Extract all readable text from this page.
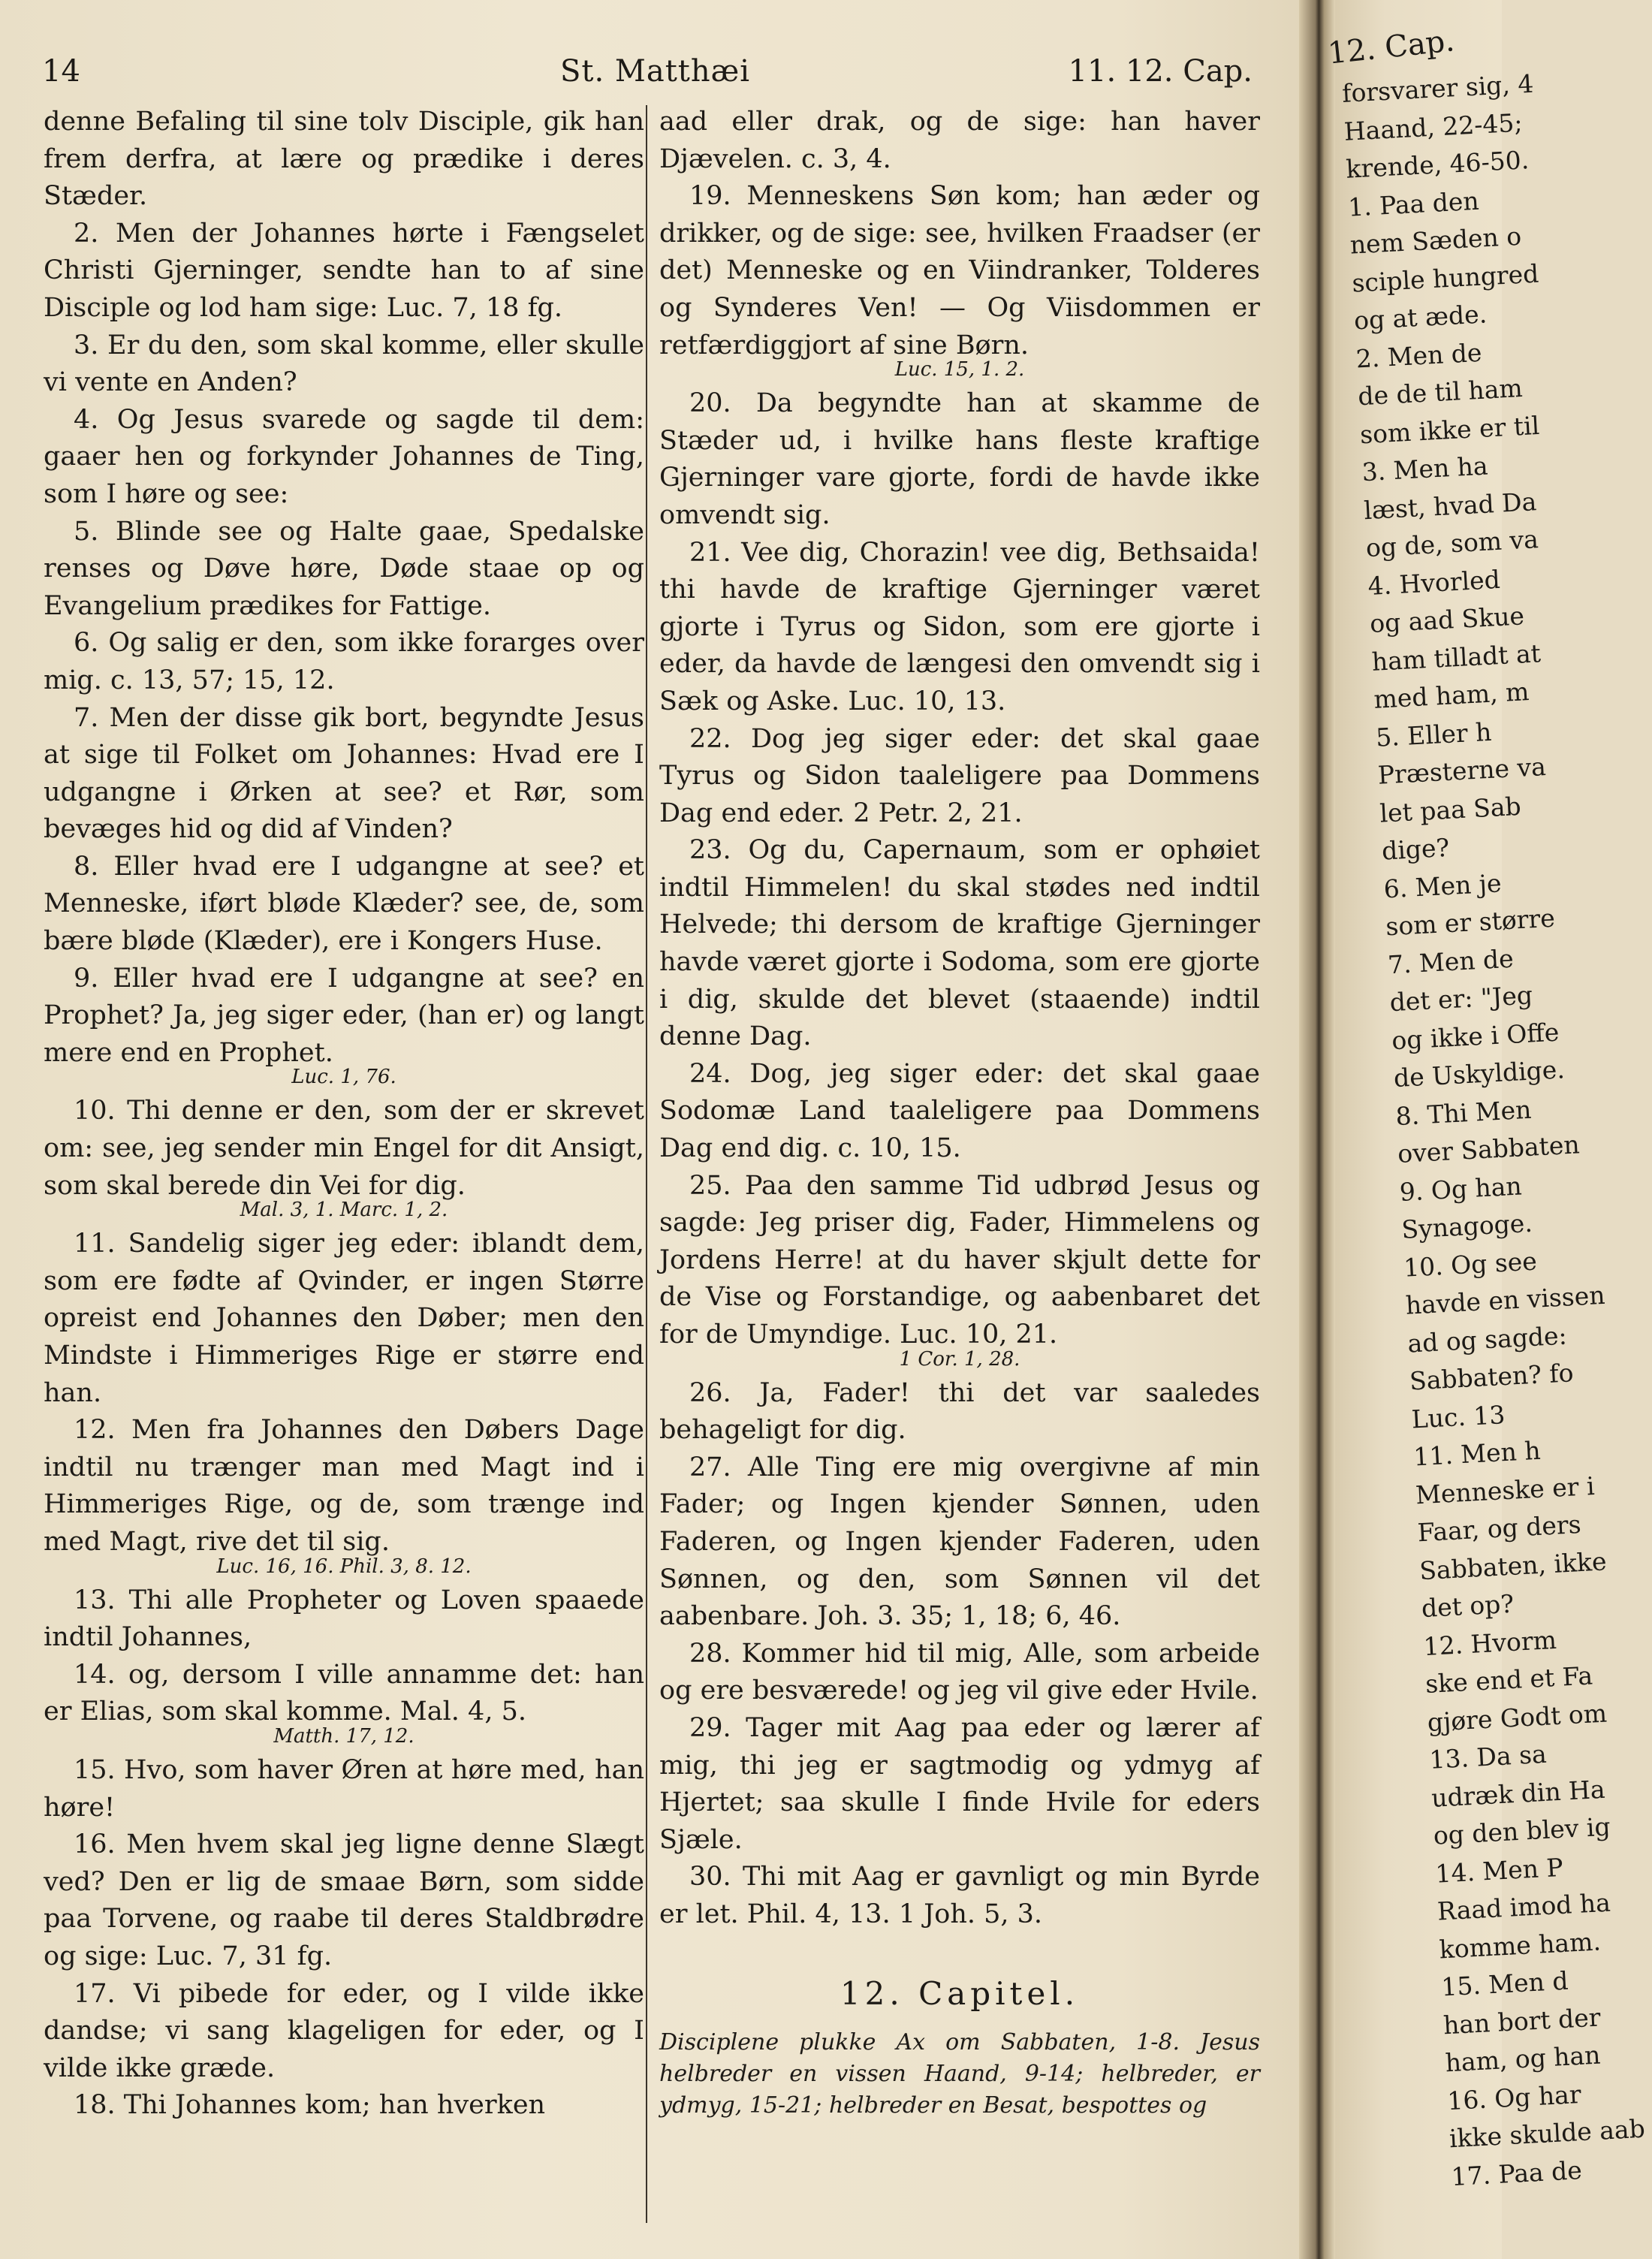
14	St. Matthæi	11. 12. Cap.

denne Befaling til sine tolv Disciple, gik han frem derfra, at lære og prædike i deres Stæder.

2. Men der Johannes hørte i Fængselet Christi Gjerninger, sendte han to af sine Disciple og lod ham sige: Luc. 7, 18 fg.

3. Er du den, som skal komme, eller skulle vi vente en Anden?

4. Og Jesus svarede og sagde til dem: gaaer hen og forkynder Johannes de Ting, som I høre og see:

5. Blinde see og Halte gaae, Spedalske renses og Døve høre, Døde staae op og Evangelium prædikes for Fattige.

6. Og salig er den, som ikke forarges over mig. c. 13, 57; 15, 12.

7. Men der disse gik bort, begyndte Jesus at sige til Folket om Johannes: Hvad ere I udgangne i Ørken at see? et Rør, som bevæges hid og did af Vinden?

8. Eller hvad ere I udgangne at see? et Menneske, iført bløde Klæder? see, de, som bære bløde (Klæder), ere i Kongers Huse.

9. Eller hvad ere I udgangne at see? en Prophet? Ja, jeg siger eder, (han er) og langt mere end en Prophet.

Luc. 1, 76.

10. Thi denne er den, som der er skrevet om: see, jeg sender min Engel for dit Ansigt, som skal berede din Vei for dig.

Mal. 3, 1. Marc. 1, 2.

11. Sandelig siger jeg eder: iblandt dem, som ere fødte af Qvinder, er ingen Større opreist end Johannes den Døber; men den Mindste i Himmeriges Rige er større end han.

12. Men fra Johannes den Døbers Dage indtil nu trænger man med Magt ind i Himmeriges Rige, og de, som trænge ind med Magt, rive det til sig.

Luc. 16, 16. Phil. 3, 8. 12.

13. Thi alle Propheter og Loven spaaede indtil Johannes,

14. og, dersom I ville annamme det: han er Elias, som skal komme. Mal. 4, 5.

Matth. 17, 12.

15. Hvo, som haver Øren at høre med, han høre!

16. Men hvem skal jeg ligne denne Slægt ved? Den er lig de smaae Børn, som sidde paa Torvene, og raabe til deres Staldbrødre og sige: Luc. 7, 31 fg.

17. Vi pibede for eder, og I vilde ikke dandse; vi sang klageligen for eder, og I vilde ikke græde.

18. Thi Johannes kom; han hverken

aad eller drak, og de sige: han haver Djævelen. c. 3, 4.

19. Menneskens Søn kom; han æder og drikker, og de sige: see, hvilken Fraadser (er det) Menneske og en Viindranker, Tolderes og Synderes Ven! — Og Viisdommen er retfærdiggjort af sine Børn.

Luc. 15, 1. 2.

20. Da begyndte han at skamme de Stæder ud, i hvilke hans fleste kraftige Gjerninger vare gjorte, fordi de havde ikke omvendt sig.

21. Vee dig, Chorazin! vee dig, Bethsaida! thi havde de kraftige Gjerninger været gjorte i Tyrus og Sidon, som ere gjorte i eder, da havde de længesi den omvendt sig i Sæk og Aske. Luc. 10, 13.

22. Dog jeg siger eder: det skal gaae Tyrus og Sidon taaleligere paa Dommens Dag end eder. 2 Petr. 2, 21.

23. Og du, Capernaum, som er ophøiet indtil Himmelen! du skal stødes ned indtil Helvede; thi dersom de kraftige Gjerninger havde været gjorte i Sodoma, som ere gjorte i dig, skulde det blevet (staaende) indtil denne Dag.

24. Dog, jeg siger eder: det skal gaae Sodomæ Land taaleligere paa Dommens Dag end dig. c. 10, 15.

25. Paa den samme Tid udbrød Jesus og sagde: Jeg priser dig, Fader, Himmelens og Jordens Herre! at du haver skjult dette for de Vise og Forstandige, og aabenbaret det for de Umyndige. Luc. 10, 21.

1 Cor. 1, 28.

26. Ja, Fader! thi det var saaledes behageligt for dig.

27. Alle Ting ere mig overgivne af min Fader; og Ingen kjender Sønnen, uden Faderen, og Ingen kjender Faderen, uden Sønnen, og den, som Sønnen vil det aabenbare. Joh. 3. 35; 1, 18; 6, 46.

28. Kommer hid til mig, Alle, som arbeide og ere besværede! og jeg vil give eder Hvile.

29. Tager mit Aag paa eder og lærer af mig, thi jeg er sagtmodig og ydmyg af Hjertet; saa skulle I finde Hvile for eders Sjæle.

30. Thi mit Aag er gavnligt og min Byrde er let. Phil. 4, 13. 1 Joh. 5, 3.

12. Capitel.

Disciplene plukke Ax om Sabbaten, 1-8. Jesus helbreder en vissen Haand, 9-14; helbreder, er ydmyg, 15-21; helbreder en Besat, bespottes og

12. Cap.
forsvarer sig, 4
Haand, 22-45;
krende, 46-50.
1. Paa den
nem Sæden o
sciple hungred
og at æde.
2. Men de
de de til ham
som ikke er til
3. Men ha
læst, hvad Da
og de, som va
4. Hvorled
og aad Skue
ham tilladt at
med ham, m
5. Eller h
Præsterne va
let paa Sab
dige?
6. Men je
som er større
7. Men de
det er: "Jeg
og ikke i Offe
de Uskyldige.
8. Thi Men
over Sabbaten
9. Og han
Synagoge.
10. Og see
havde en vissen
ad og sagde:
Sabbaten? fo
Luc. 13
11. Men h
Menneske er i
Faar, og ders
Sabbaten, ikke
det op?
12. Hvorm
ske end et Fa
gjøre Godt om
13. Da sa
udræk din Ha
og den blev ig
14. Men P
Raad imod ha
komme ham.
15. Men d
han bort der
ham, og han
16. Og har
ikke skulde aab
17. Paa de
